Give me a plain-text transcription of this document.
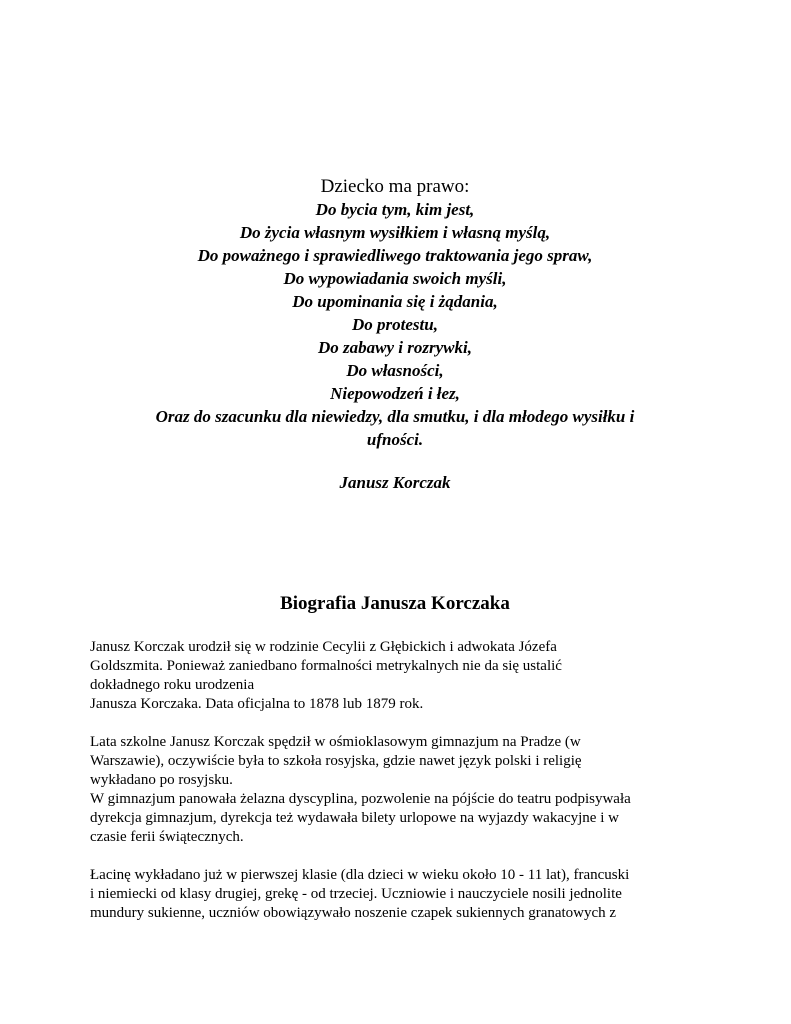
Dziecko ma prawo:

Do bycia tym, kim jest,
Do życia własnym wysiłkiem i własną myślą,
Do poważnego i sprawiedliwego traktowania jego spraw,
Do wypowiadania swoich myśli,
Do upominania się i żądania,
Do protestu,
Do zabawy i rozrywki,
Do własności,
Niepowodzeń i łez,
Oraz do szacunku dla niewiedzy, dla smutku, i dla młodego wysiłku i
ufności.

Janusz Korczak

Biografia Janusza Korczaka

Janusz Korczak urodził się w rodzinie Cecylii z Głębickich i adwokata Józefa
Goldszmita. Ponieważ zaniedbano formalności metrykalnych nie da się ustalić
dokładnego roku urodzenia
Janusza Korczaka. Data oficjalna to 1878 lub 1879 rok.

Lata szkolne Janusz Korczak spędził w ośmioklasowym gimnazjum na Pradze (w
Warszawie), oczywiście była to szkoła rosyjska, gdzie nawet język polski i religię
wykładano po rosyjsku.
W gimnazjum panowała żelazna dyscyplina, pozwolenie na pójście do teatru podpisywała
dyrekcja gimnazjum, dyrekcja też wydawała bilety urlopowe na wyjazdy wakacyjne i w
czasie ferii świątecznych.

Łacinę wykładano już w pierwszej klasie (dla dzieci w wieku około 10 - 11 lat), francuski
i niemiecki od klasy drugiej, grekę - od trzeciej. Uczniowie i nauczyciele nosili jednolite
mundury sukienne, uczniów obowiązywało noszenie czapek sukiennych granatowych z
